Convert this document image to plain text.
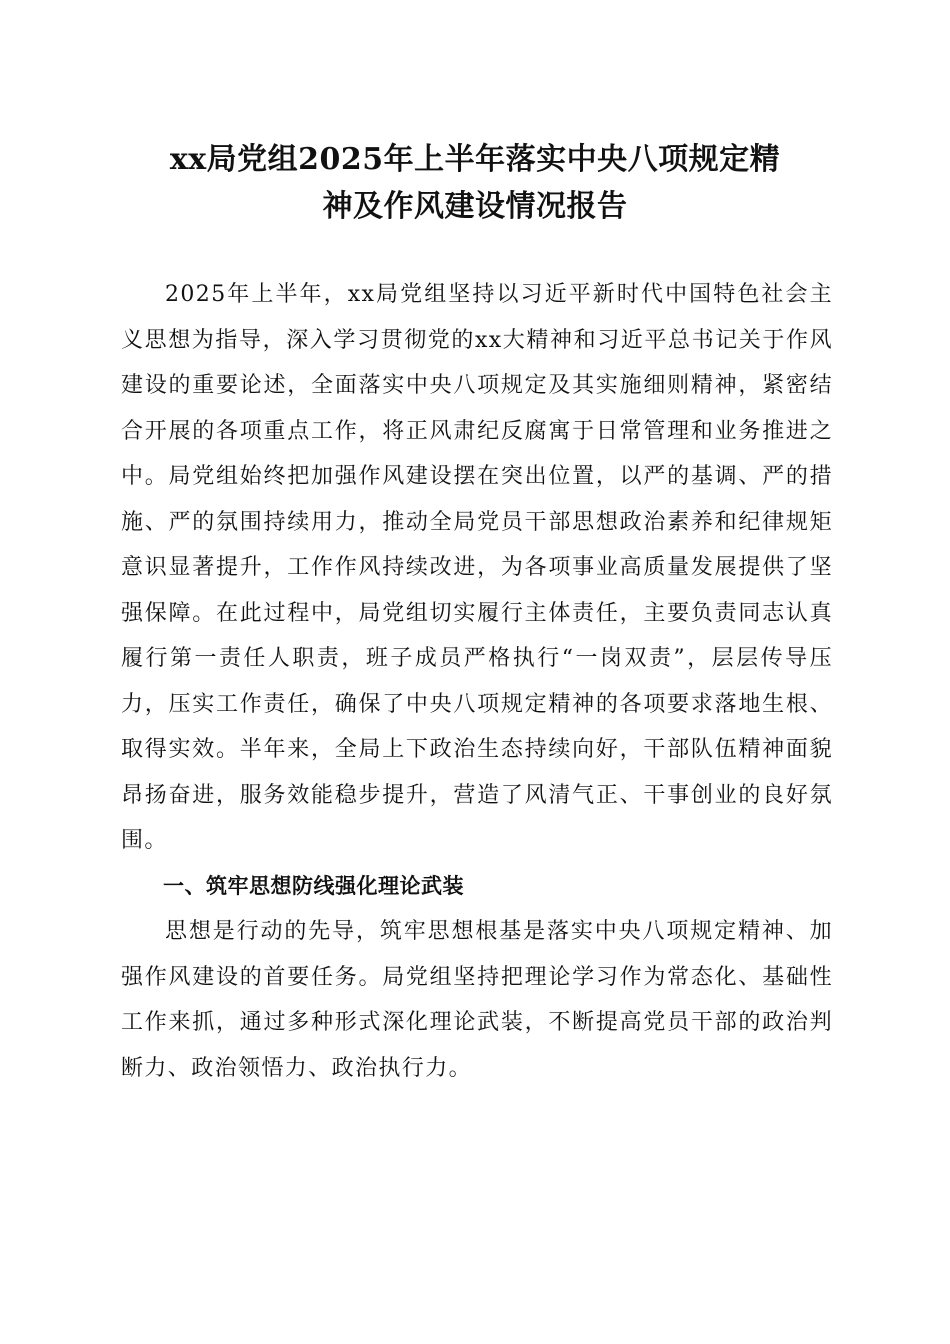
xx局党组2025年上半年落实中央八项规定精
神及作风建设情况报告

2025年上半年，xx局党组坚持以习近平新时代中国特色社会主义思想为指导，深入学习贯彻党的xx大精神和习近平总书记关于作风建设的重要论述，全面落实中央八项规定及其实施细则精神，紧密结合开展的各项重点工作，将正风肃纪反腐寓于日常管理和业务推进之中。局党组始终把加强作风建设摆在突出位置，以严的基调、严的措施、严的氛围持续用力，推动全局党员干部思想政治素养和纪律规矩意识显著提升，工作作风持续改进，为各项事业高质量发展提供了坚强保障。在此过程中，局党组切实履行主体责任，主要负责同志认真履行第一责任人职责，班子成员严格执行“一岗双责”，层层传导压力，压实工作责任，确保了中央八项规定精神的各项要求落地生根、取得实效。半年来，全局上下政治生态持续向好，干部队伍精神面貌昂扬奋进，服务效能稳步提升，营造了风清气正、干事创业的良好氛围。

一、筑牢思想防线强化理论武装

思想是行动的先导，筑牢思想根基是落实中央八项规定精神、加强作风建设的首要任务。局党组坚持把理论学习作为常态化、基础性工作来抓，通过多种形式深化理论武装，不断提高党员干部的政治判断力、政治领悟力、政治执行力。
